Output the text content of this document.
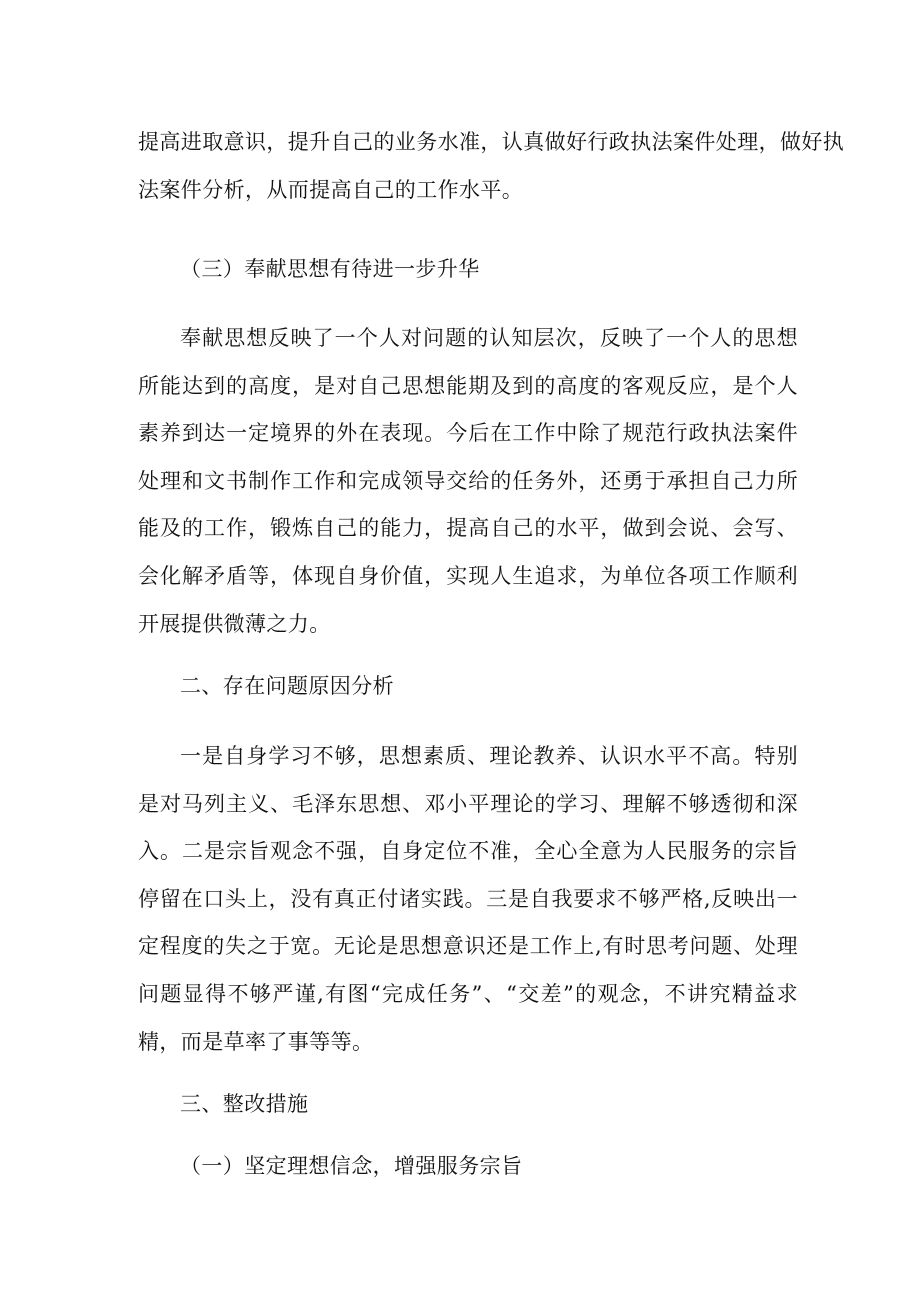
提高进取意识，提升自己的业务水准，认真做好行政执法案件处理，做好执
法案件分析，从而提高自己的工作水平。
（三）奉献思想有待进一步升华

奉献思想反映了一个人对问题的认知层次，反映了一个人的思想所能达到的高度，是对自己思想能期及到的高度的客观反应，是个人素养到达一定境界的外在表现。今后在工作中除了规范行政执法案件处理和文书制作工作和完成领导交给的任务外，还勇于承担自己力所能及的工作，锻炼自己的能力，提高自己的水平，做到会说、会写、会化解矛盾等，体现自身价值，实现人生追求，为单位各项工作顺利开展提供微薄之力。

二、存在问题原因分析

一是自身学习不够，思想素质、理论教养、认识水平不高。特别是对马列主义、毛泽东思想、邓小平理论的学习、理解不够透彻和深入。二是宗旨观念不强，自身定位不准，全心全意为人民服务的宗旨停留在口头上，没有真正付诸实践。三是自我要求不够严格,反映出一定程度的失之于宽。无论是思想意识还是工作上,有时思考问题、处理问题显得不够严谨,有图“完成任务”、“交差”的观念，不讲究精益求精，而是草率了事等等。

三、整改措施
（一）坚定理想信念，增强服务宗旨
